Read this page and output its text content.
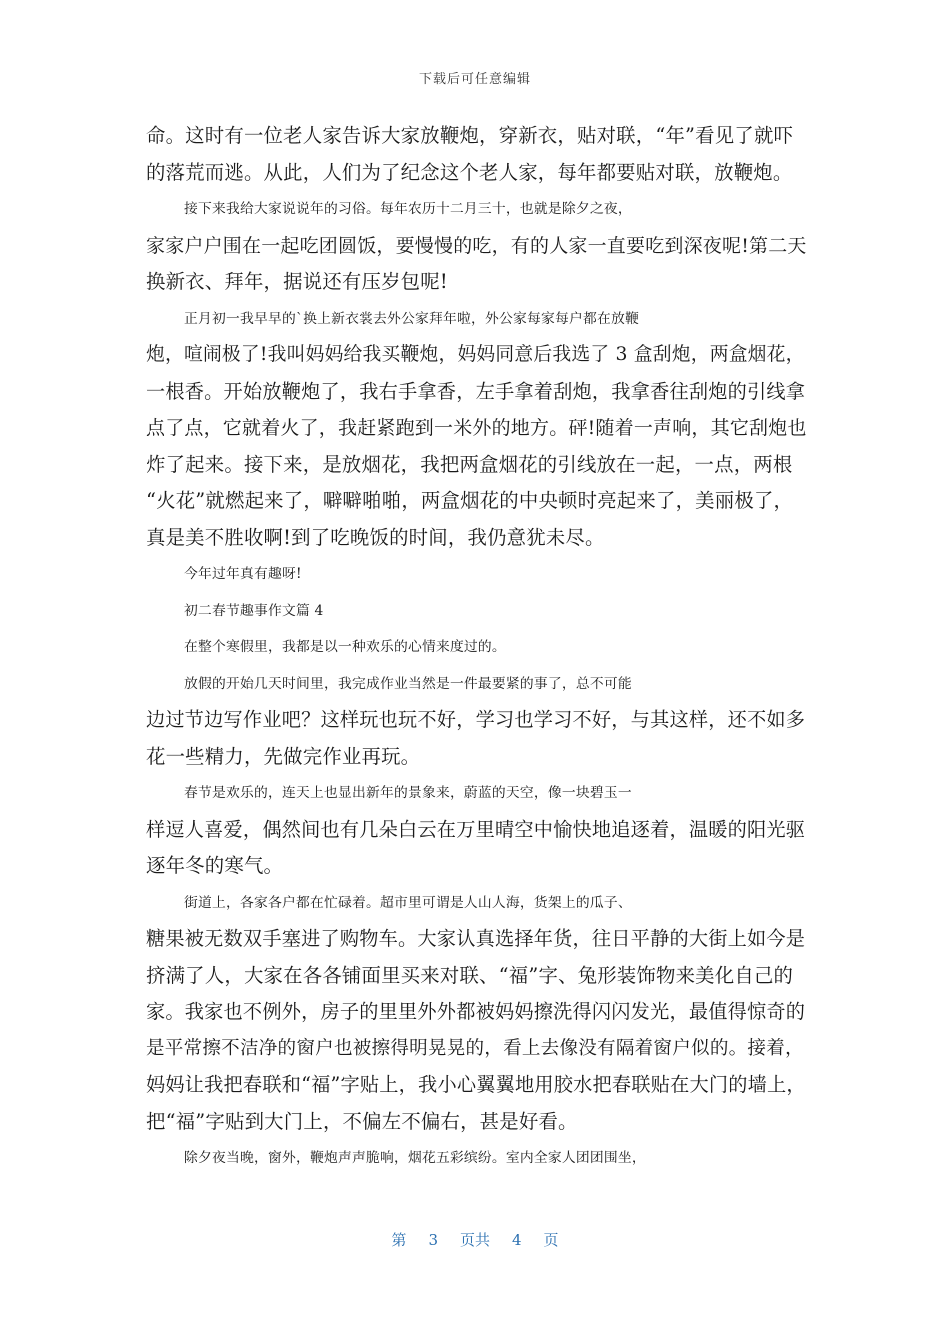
下载后可任意编辑
命。这时有一位老人家告诉大家放鞭炮，穿新衣，贴对联，“年”看见了就吓
的落荒而逃。从此，人们为了纪念这个老人家，每年都要贴对联，放鞭炮。
接下来我给大家说说年的习俗。每年农历十二月三十，也就是除夕之夜，
家家户户围在一起吃团圆饭，要慢慢的吃，有的人家一直要吃到深夜呢!第二天
换新衣、拜年，据说还有压岁包呢!
正月初一我早早的`换上新衣裳去外公家拜年啦，外公家每家每户都在放鞭
炮，喧闹极了!我叫妈妈给我买鞭炮，妈妈同意后我选了 3 盒刮炮，两盒烟花，
一根香。开始放鞭炮了，我右手拿香，左手拿着刮炮，我拿香往刮炮的引线拿
点了点，它就着火了，我赶紧跑到一米外的地方。砰!随着一声响，其它刮炮也
炸了起来。接下来，是放烟花，我把两盒烟花的引线放在一起，一点，两根
“火花”就燃起来了，噼噼啪啪，两盒烟花的中央顿时亮起来了，美丽极了，
真是美不胜收啊!到了吃晚饭的时间，我仍意犹未尽。
今年过年真有趣呀!
初二春节趣事作文篇 4
在整个寒假里，我都是以一种欢乐的心情来度过的。
放假的开始几天时间里，我完成作业当然是一件最要紧的事了，总不可能
边过节边写作业吧？这样玩也玩不好，学习也学习不好，与其这样，还不如多
花一些精力，先做完作业再玩。
春节是欢乐的，连天上也显出新年的景象来，蔚蓝的天空，像一块碧玉一
样逗人喜爱，偶然间也有几朵白云在万里晴空中愉快地追逐着，温暖的阳光驱
逐年冬的寒气。
街道上，各家各户都在忙碌着。超市里可谓是人山人海，货架上的瓜子、
糖果被无数双手塞进了购物车。大家认真选择年货，往日平静的大街上如今是
挤满了人，大家在各各铺面里买来对联、“福”字、兔形装饰物来美化自己的
家。我家也不例外，房子的里里外外都被妈妈擦洗得闪闪发光，最值得惊奇的
是平常擦不洁净的窗户也被擦得明晃晃的，看上去像没有隔着窗户似的。接着，
妈妈让我把春联和“福”字贴上，我小心翼翼地用胶水把春联贴在大门的墙上，
把“福”字贴到大门上，不偏左不偏右，甚是好看。
除夕夜当晚，窗外，鞭炮声声脆响，烟花五彩缤纷。室内全家人团团围坐，
第 3 页共 4 页
